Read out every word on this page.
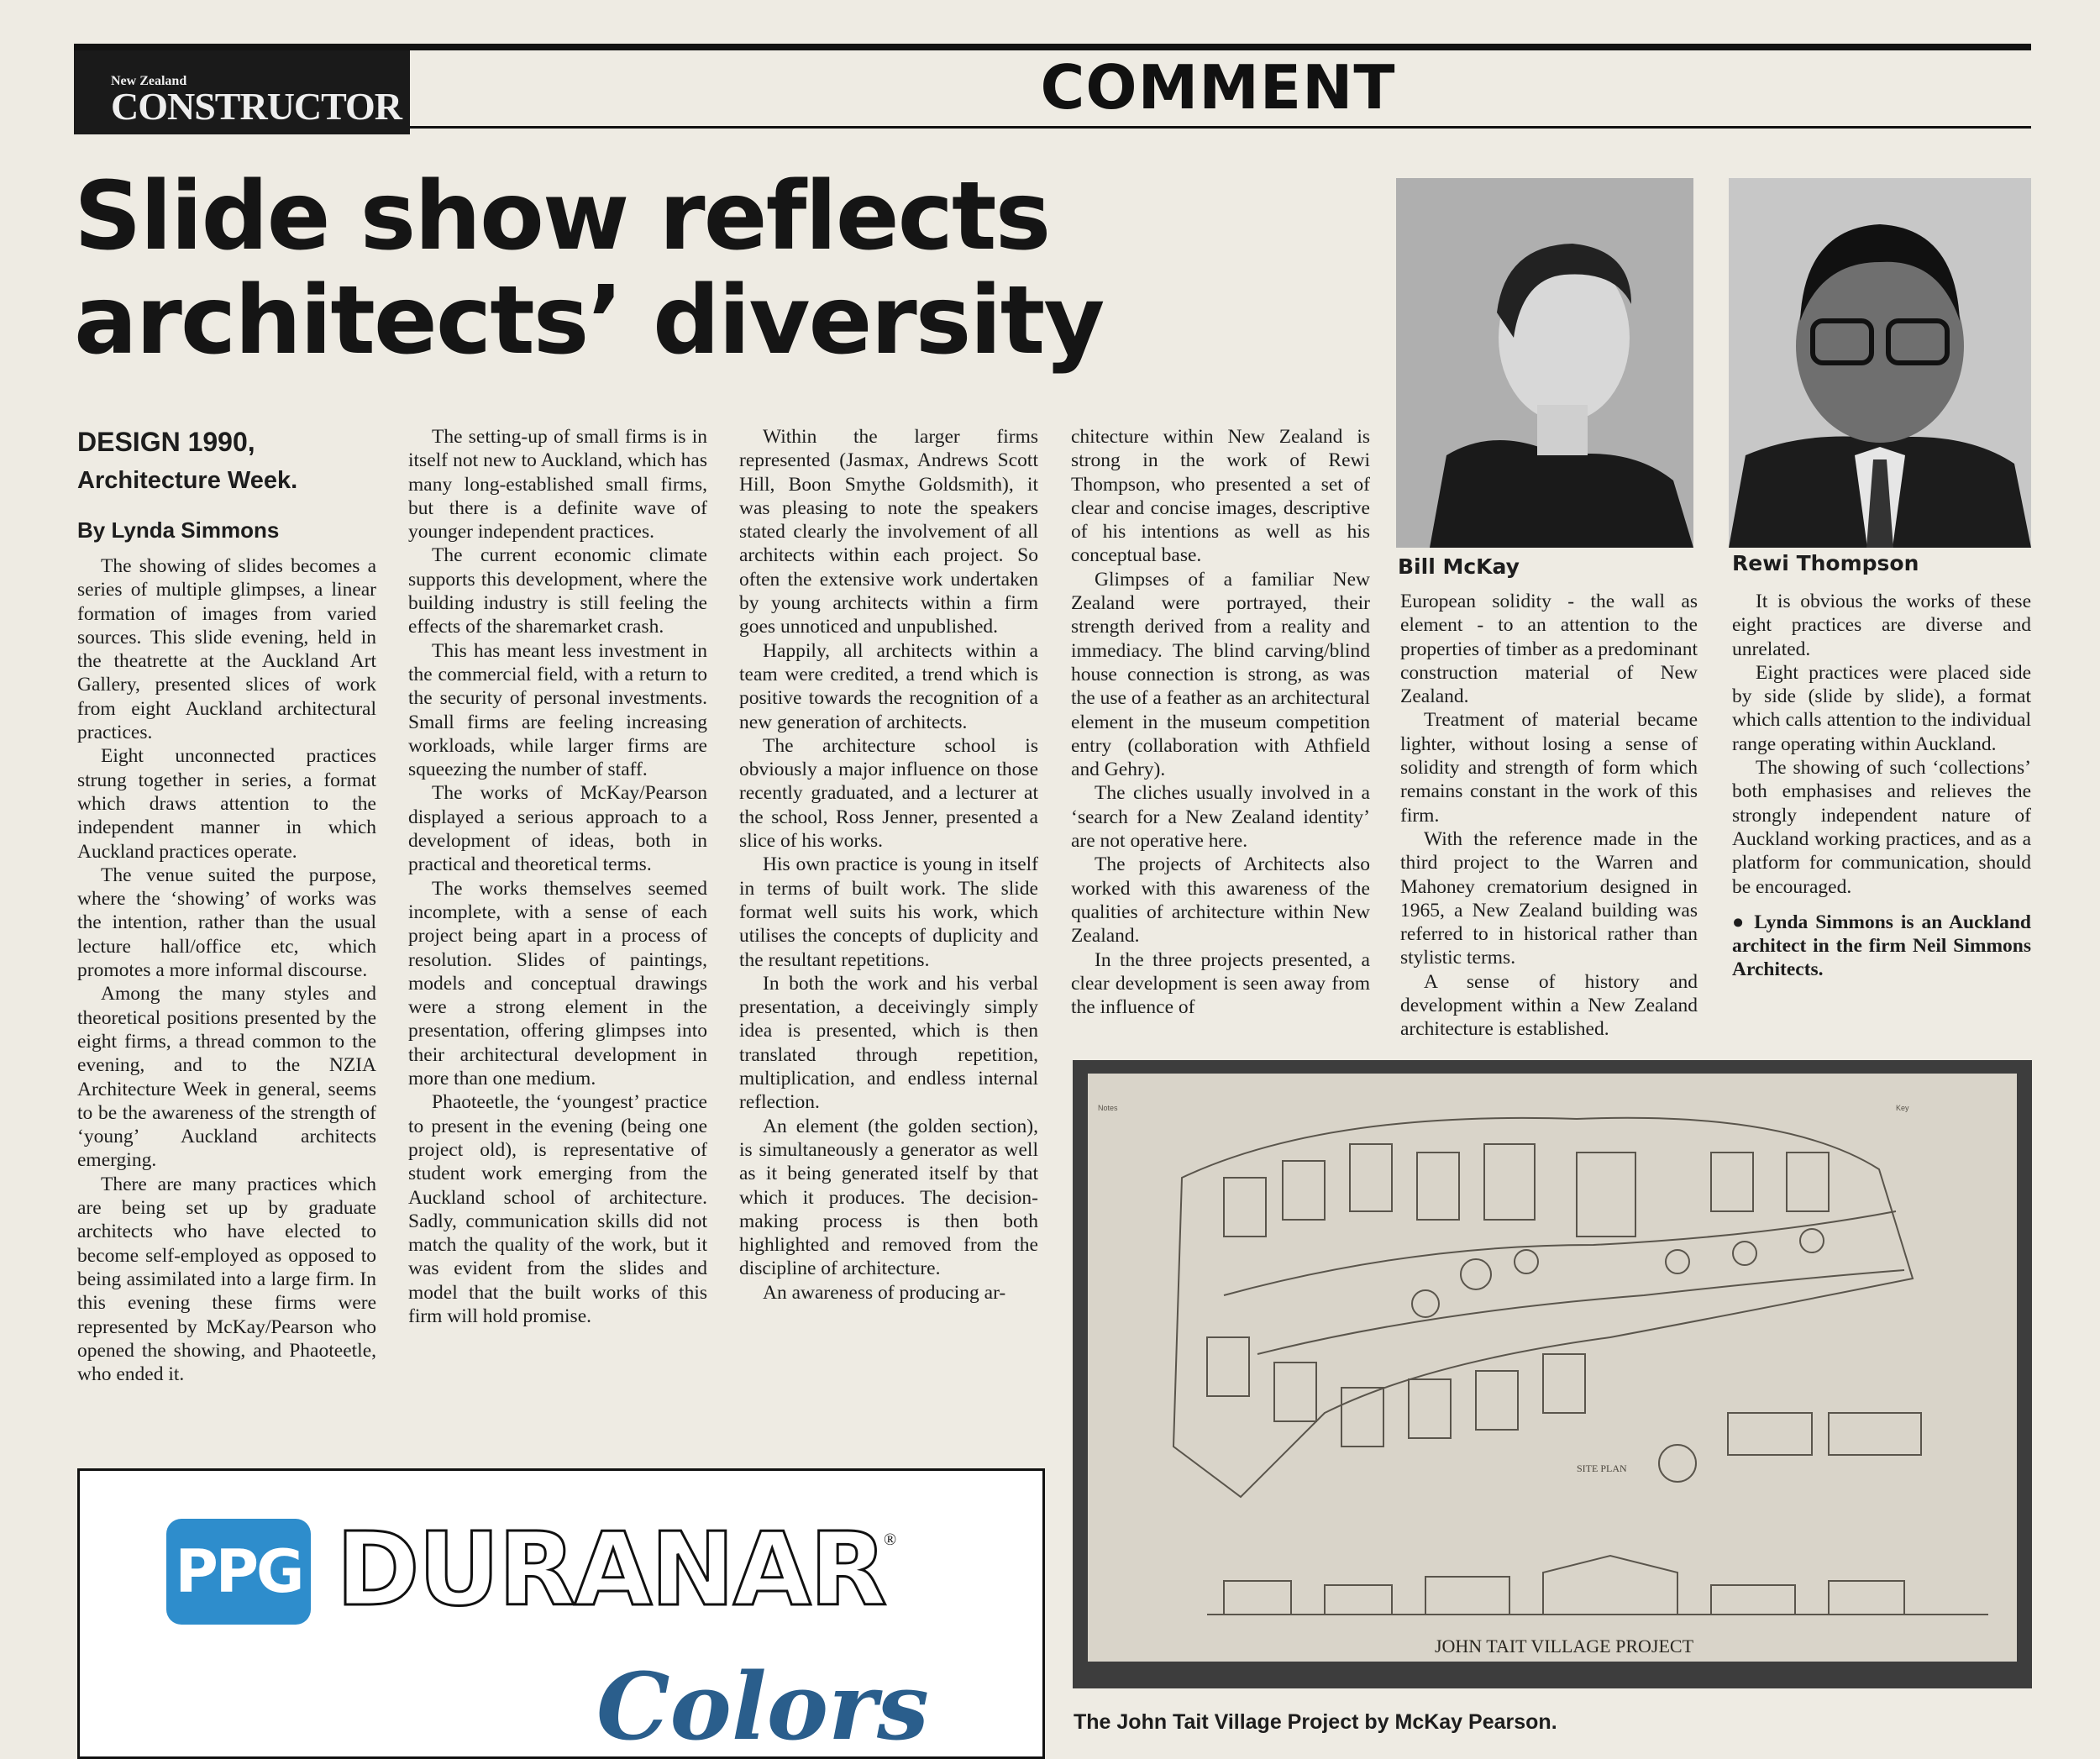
New Zealand
CONSTRUCTOR	COMMENT
Slide show reflects architects’ diversity
DESIGN 1990,
Architecture Week.
By Lynda Simmons

The showing of slides becomes a series of multiple glimpses, a linear formation of images from varied sources. This slide evening, held in the theatrette at the Auckland Art Gallery, presented slices of work from eight Auckland architectural practices.

Eight unconnected practices strung together in series, a format which draws attention to the independent manner in which Auckland practices operate.

The venue suited the purpose, where the ‘showing’ of works was the intention, rather than the usual lecture hall/office etc, which promotes a more informal discourse.

Among the many styles and theoretical positions presented by the eight firms, a thread common to the evening, and to the NZIA Architecture Week in general, seems to be the awareness of the strength of ‘young’ Auckland architects emerging.

There are many practices which are being set up by graduate architects who have elected to become self-employed as opposed to being assimilated into a large firm. In this evening these firms were represented by McKay/Pearson who opened the showing, and Phaoteetle, who ended it.

The setting-up of small firms is in itself not new to Auckland, which has many long-established small firms, but there is a definite wave of younger independent practices.

The current economic climate supports this development, where the building industry is still feeling the effects of the sharemarket crash.

This has meant less investment in the commercial field, with a return to the security of personal investments. Small firms are feeling increasing workloads, while larger firms are squeezing the number of staff.

The works of McKay/Pearson displayed a serious approach to a development of ideas, both in practical and theoretical terms.

The works themselves seemed incomplete, with a sense of each project being apart in a process of resolution. Slides of paintings, models and conceptual drawings were a strong element in the presentation, offering glimpses into their architectural development in more than one medium.

Phaoteetle, the ‘youngest’ practice to present in the evening (being one project old), is representative of student work emerging from the Auckland school of architecture. Sadly, communication skills did not match the quality of the work, but it was evident from the slides and model that the built works of this firm will hold promise.

Within the larger firms represented (Jasmax, Andrews Scott Hill, Boon Smythe Goldsmith), it was pleasing to note the speakers stated clearly the involvement of all architects within each project. So often the extensive work undertaken by young architects within a firm goes unnoticed and unpublished.

Happily, all architects within a team were credited, a trend which is positive towards the recognition of a new generation of architects.

The architecture school is obviously a major influence on those recently graduated, and a lecturer at the school, Ross Jenner, presented a slice of his works.

His own practice is young in itself in terms of built work. The slide format well suits his work, which utilises the concepts of duplicity and the resultant repetitions.

In both the work and his verbal presentation, a deceivingly simply idea is presented, which is then translated through repetition, multiplication, and endless internal reflection.

An element (the golden section), is simultaneously a generator as well as it being generated itself by that which it produces. The decision-making process is then both highlighted and removed from the discipline of architecture.

An awareness of producing ar-

chitecture within New Zealand is strong in the work of Rewi Thompson, who presented a set of clear and concise images, descriptive of his intentions as well as his conceptual base.

Glimpses of a familiar New Zealand were portrayed, their strength derived from a reality and immediacy. The blind carving/blind house connection is strong, as was the use of a feather as an architectural element in the museum competition entry (collaboration with Athfield and Gehry).

The cliches usually involved in a ‘search for a New Zealand identity’ are not operative here.

The projects of Architects also worked with this awareness of the qualities of architecture within New Zealand.

In the three projects presented, a clear development is seen away from the influence of

Bill McKay	Rewi Thompson

European solidity - the wall as element - to an attention to the properties of timber as a predominant construction material of New Zealand.

Treatment of material became lighter, without losing a sense of solidity and strength of form which remains constant in the work of this firm.

With the reference made in the third project to the Warren and Mahoney crematorium designed in 1965, a New Zealand building was referred to in historical rather than stylistic terms.

A sense of history and development within a New Zealand architecture is established.

It is obvious the works of these eight practices are diverse and unrelated.

Eight practices were placed side by side (slide by slide), a format which calls attention to the individual range operating within Auckland.

The showing of such ‘collections’ both emphasises and relieves the strongly independent nature of Auckland working practices, and as a platform for communication, should be encouraged.

● Lynda Simmons is an Auckland architect in the firm Neil Simmons Architects.

Notes	Key
SITE PLAN
JOHN TAIT VILLAGE PROJECT
The John Tait Village Project by McKay Pearson.
PPG DURANAR
®
Colors
